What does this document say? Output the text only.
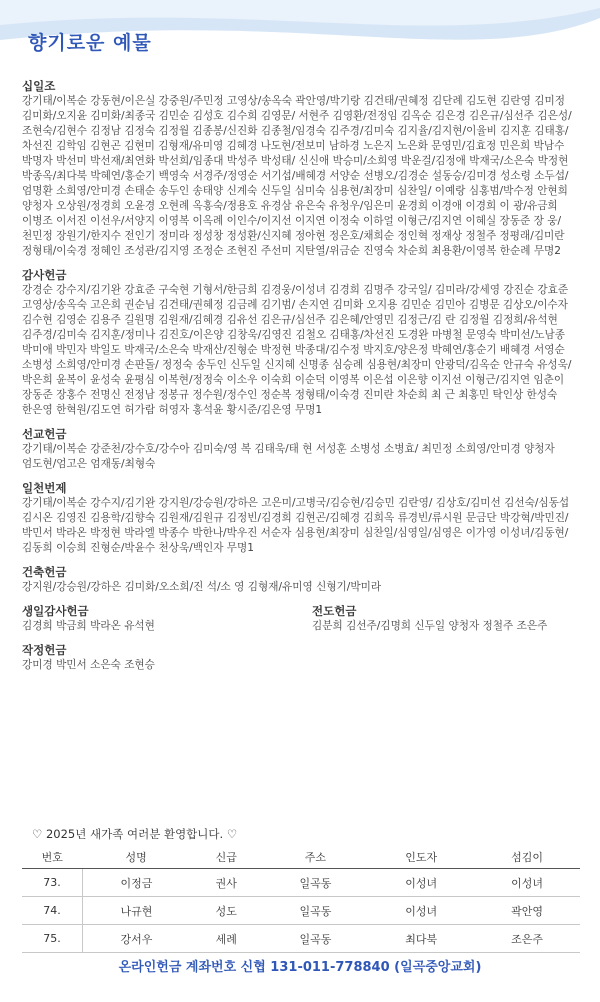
향기로운 예물
십일조
강기태/이복순 강동현/이은실 강중원/주민정 고영상/송옥숙 곽안영/박기랑 김건태/권혜정 김단례 김도현 김란영 김미정 김미화/오지윤 김미화/최종국 김민순 김성호 김수희 김영문/ 서현주 김영환/전정임 김옥순 김은경 김은규/심선주 김은성/조현숙/김현수 김정남 김정숙 김정월 김종봉/신진화 김종철/임경숙 김주경/김미숙 김지율/김지현/이율비 김지훈 김태홍/ 차선진 김학임 김현곤 김현미 김형재/유미영 김혜경 나도현/전보미 남하경 노은지 노은화 문영민/김효정 민은희 박남수 박명자 박선미 박선재/최연화 박선희/임종대 박성주 박성태/ 신신애 박승미/소희영 박운걸/김정애 박재국/소은숙 박정현 박종옥/최다북 박혜연/홍순기 백영숙 서경주/정영순 서기섭/배혜경 서양순 선병오/김경순 설동승/김미경 성소령 소두섭/ 엄명환 소희영/안미경 손태순 송두인 송태양 신계숙 신두일 심미숙 심용현/최장미 심찬일/ 이예랑 심홍범/박수정 안현희 양청자 오상원/정경희 오윤경 오현례 옥홍숙/정용호 유경삼 유은숙 유청우/임은미 윤경희 이경애 이경희 이 광/유금희 이병조 이서진 이선우/서양지 이영복 이옥례 이인수/이지선 이지연 이정숙 이하얼 이형근/김지연 이혜실 장동준 장 웅/ 천민정 장원기/한지수 전인기 정미라 정성창 정성환/신지혜 정아현 정은호/채희순 정인혁 정재상 정철주 정평래/김미란 정형태/이숙경 정혜인 조성관/김지영 조정순 조현진 주선미 지탄열/위금순 진영숙 차순희 최용환/이영복 한순례 무명2
감사헌금
강경순 강수지/김기완 강효준 구숙현 기형서/한금희 김경웅/이성녀 김경희 김명주 강국일/ 김미라/강세영 강진순 강효준 고영상/송옥숙 고은희 권순님 김건태/권혜정 김금례 김기범/ 손지연 김미화 오지용 김민순 김민아 김병문 김상오/이수자 김수현 김영순 김용주 길원명 김원재/김혜경 김유선 김은규/심선주 김은혜/안영민 김정근/김 란 김정월 김정희/유석현 김주경/김미숙 김지훈/정미나 김진호/이은양 김창욱/김영진 김철오 김태홍/차선진 도경완 마병철 문영숙 박미선/노남종 박미애 박민자 박일도 박재국/소은숙 박재산/진형순 박정현 박종대/김수정 박지호/양은정 박혜연/홍순기 배혜경 서영순 소병성 소희영/안미경 손판돌/ 정정숙 송두인 신두일 신지혜 신명종 심승례 심용현/최장미 안광덕/김옥순 안규숙 유성욱/ 박은희 윤복이 윤성숙 윤평심 이복현/정정숙 이소우 이숙희 이순덕 이영복 이은섭 이은향 이지선 이형근/김지연 임춘이 장동준 장홍수 전명신 전정남 정봉규 정수원/정수인 정순복 정형태/이숙경 진미란 차순희 최 근 최홍민 탁인상 한성숙 한은영 한혁원/김도연 허가람 허영자 홍석윤 황시준/김은영 무명1
선교헌금
강기태/이복순 강준천/강수호/강수아 김미숙/영 복 김태욱/태 현 서성훈 소병성 소병효/ 최민정 소희영/안미경 양청자 엄도현/엄고은 엄재동/최형숙
일천번제
강기태/이복순 강수지/김기완 강지원/강승원/강하은 고은미/고병국/김승현/김승민 김란영/ 김상호/김미선 김선숙/심동섭 김시온 김영진 김용학/김향숙 김원재/김원규 김정빈/김경희 김현곤/김혜경 김희옥 류경빈/류시원 문금단 박강혁/박민진/박민서 박라온 박정현 박라엘 박종수 박한나/박우진 서순자 심용현/최장미 심찬일/심영일/심영은 이가영 이성녀/김동현/ 김동희 이승희 진형순/박윤수 천상욱/백인자 무명1
건축헌금
강지원/강승원/강하은 김미화/오소희/진 석/소 영 김형재/유미영 신형기/박미라
생일감사헌금
김경희 박금희 박라온 유석현
작정헌금
강미경 박민서 소은숙 조현승
전도헌금
김분희 김선주/김명희 신두일 양청자 정철주 조은주
♡ 2025년 새가족 여러분 환영합니다. ♡
번호	성명	신급	주소	인도자	섬김이
73.	이정금	권사	일곡동	이성녀	이성녀
74.	나규현	성도	일곡동	이성녀	곽안영
75.	강서우	세례	일곡동	최다북	조은주
온라인헌금 계좌번호 신협 131-011-778840 (일곡중앙교회)
